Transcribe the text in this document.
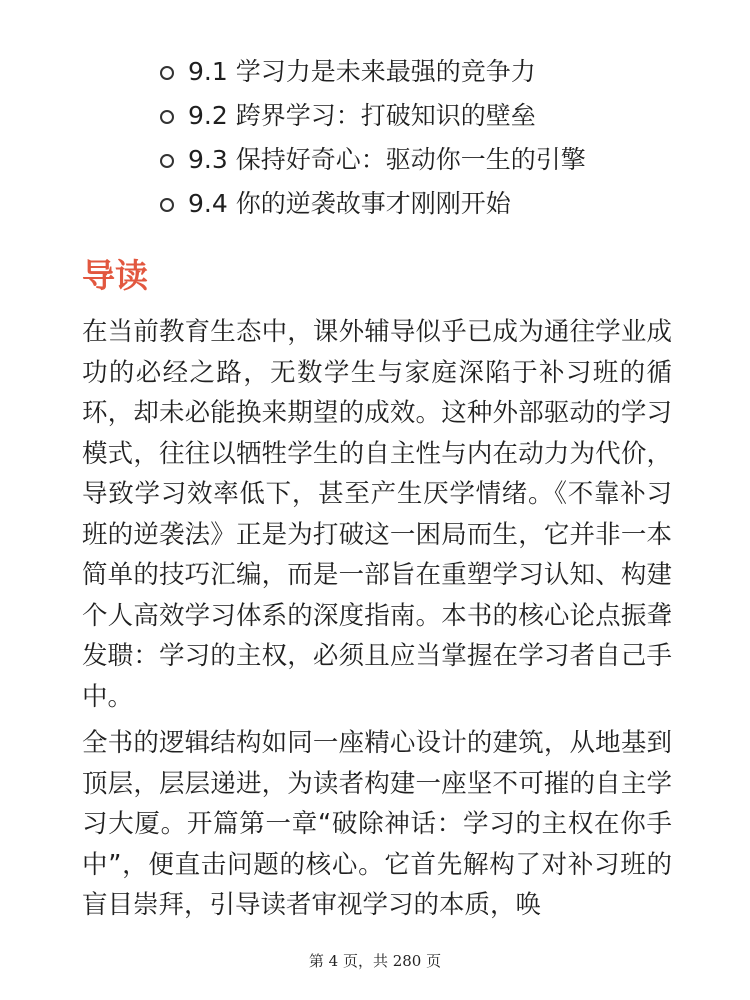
9.1 学习力是未来最强的竞争力
9.2 跨界学习：打破知识的壁垒
9.3 保持好奇心：驱动你一生的引擎
9.4 你的逆袭故事才刚刚开始
导读

在当前教育生态中，课外辅导似乎已成为通往学业成功的必经之路，无数学生与家庭深陷于补习班的循环，却未必能换来期望的成效。这种外部驱动的学习模式，往往以牺牲学生的自主性与内在动力为代价，导致学习效率低下，甚至产生厌学情绪。《不靠补习班的逆袭法》正是为打破这一困局而生，它并非一本简单的技巧汇编，而是一部旨在重塑学习认知、构建个人高效学习体系的深度指南。本书的核心论点振聋发聩：学习的主权，必须且应当掌握在学习者自己手中。

全书的逻辑结构如同一座精心设计的建筑，从地基到顶层，层层递进，为读者构建一座坚不可摧的自主学习大厦。开篇第一章“破除神话：学习的主权在你手中”，便直击问题的核心。它首先解构了对补习班的盲目崇拜，引导读者审视学习的本质，唤

第 4 页，共 280 页
